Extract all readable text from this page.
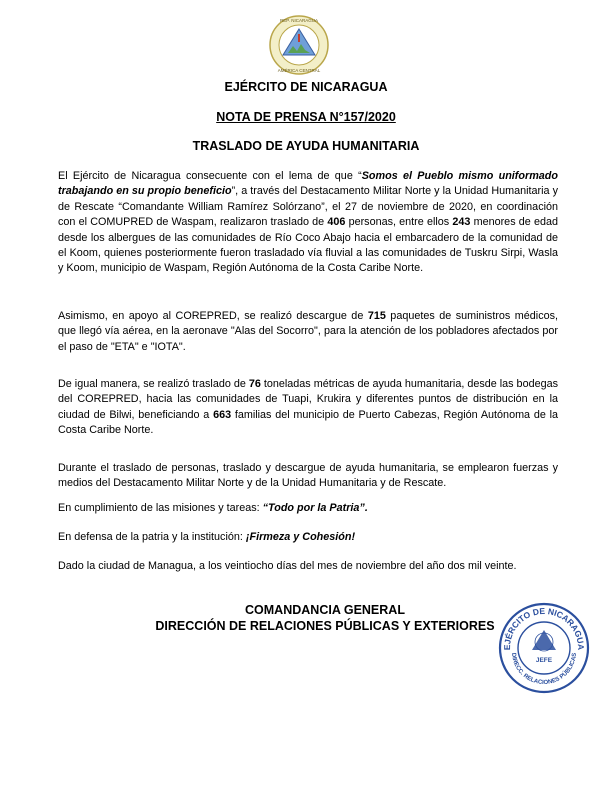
REP. NICARAGUA
AMÉRICA CENTRAL

EJÉRCITO DE NICARAGUA

NOTA DE PRENSA N°157/2020

TRASLADO DE AYUDA HUMANITARIA

El Ejército de Nicaragua consecuente con el lema de que “Somos el Pueblo mismo uniformado trabajando en su propio beneficio”, a través del Destacamento Militar Norte y la Unidad Humanitaria y de Rescate “Comandante William Ramírez Solórzano”, el 27 de noviembre de 2020, en coordinación con el COMUPRED de Waspam, realizaron traslado de 406 personas, entre ellos 243 menores de edad desde los albergues de las comunidades de Río Coco Abajo hacia el embarcadero de la comunidad de el Koom, quienes posteriormente fueron trasladado vía fluvial a las comunidades de Tuskru Sirpi, Wasla y Koom, municipio de Waspam, Región Autónoma de la Costa Caribe Norte.

Asimismo, en apoyo al COREPRED, se realizó descargue de 715 paquetes de suministros médicos, que llegó vía aérea, en la aeronave "Alas del Socorro", para la atención de los pobladores afectados por el paso de "ETA" e "IOTA".

De igual manera, se realizó traslado de 76 toneladas métricas de ayuda humanitaria, desde las bodegas del COREPRED, hacia las comunidades de Tuapi, Krukira y diferentes puntos de distribución en la ciudad de Bilwi, beneficiando a 663 familias del municipio de Puerto Cabezas, Región Autónoma de la Costa Caribe Norte.

Durante el traslado de personas, traslado y descargue de ayuda humanitaria, se emplearon fuerzas y medios del Destacamento Militar Norte y de la Unidad Humanitaria y de Rescate.

En cumplimiento de las misiones y tareas: “Todo por la Patria”.

En defensa de la patria y la institución: ¡Firmeza y Cohesión!

Dado la ciudad de Managua, a los veintiocho días del mes de noviembre del año dos mil veinte.

COMANDANCIA GENERAL

DIRECCIÓN DE RELACIONES PÚBLICAS Y EXTERIORES

EJÉRCITO DE NICARAGUA
DIRECC. RELACIONES PÚBLICAS
JEFE
